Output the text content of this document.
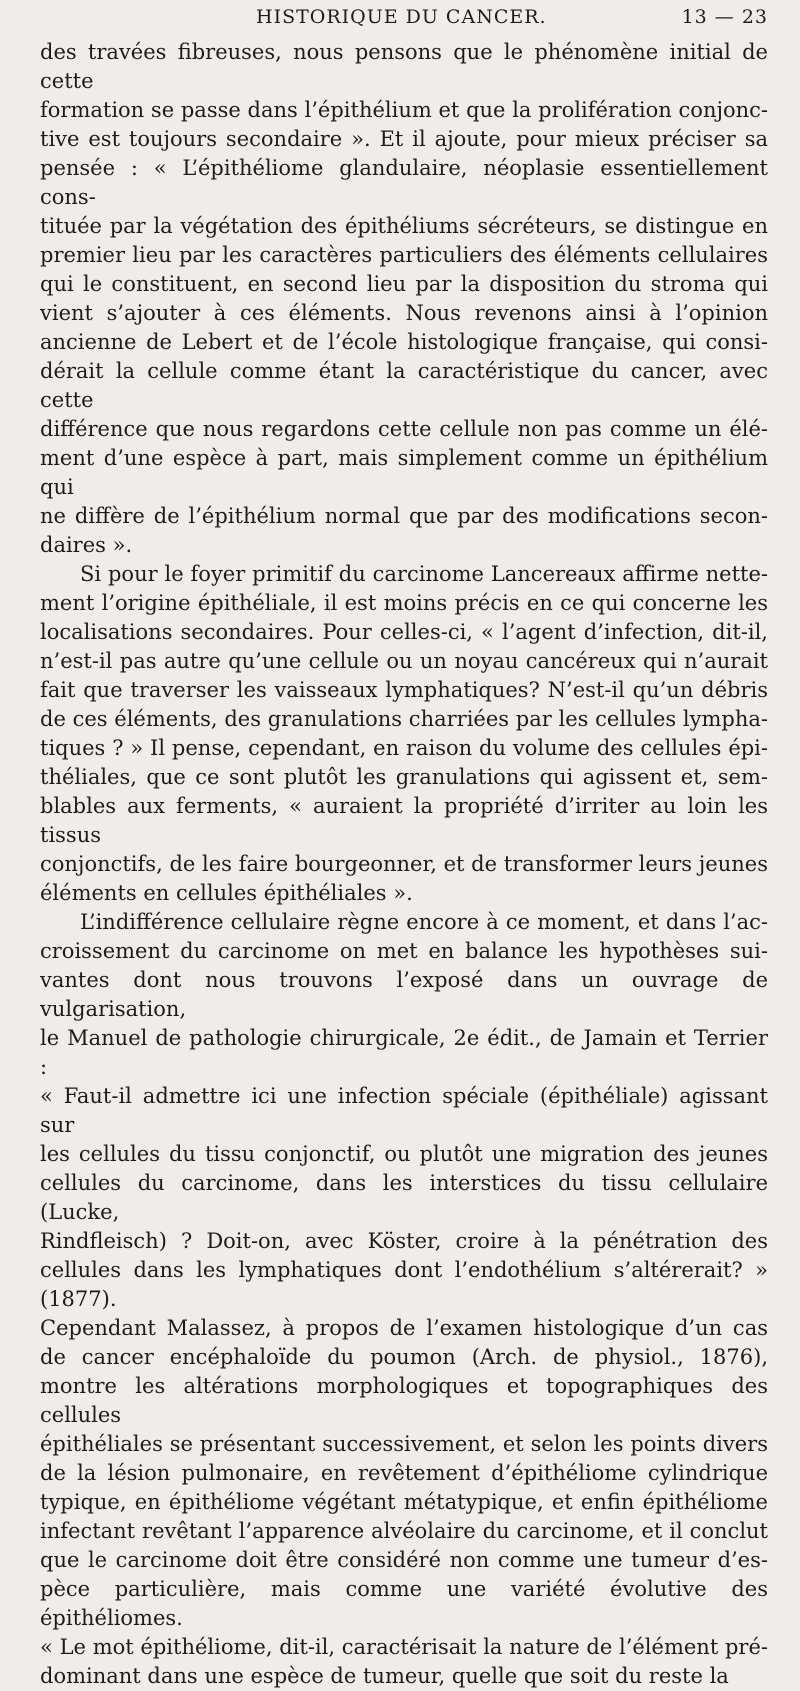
HISTORIQUE DU CANCER.	13 — 23
des travées fibreuses, nous pensons que le phénomène initial de cette
formation se passe dans l’épithélium et que la prolifération conjonc-
tive est toujours secondaire ». Et il ajoute, pour mieux préciser sa
pensée : « L’épithéliome glandulaire, néoplasie essentiellement cons-
tituée par la végétation des épithéliums sécréteurs, se distingue en
premier lieu par les caractères particuliers des éléments cellulaires
qui le constituent, en second lieu par la disposition du stroma qui
vient s’ajouter à ces éléments. Nous revenons ainsi à l’opinion
ancienne de Lebert et de l’école histologique française, qui consi-
dérait la cellule comme étant la caractéristique du cancer, avec cette
différence que nous regardons cette cellule non pas comme un élé-
ment d’une espèce à part, mais simplement comme un épithélium qui
ne diffère de l’épithélium normal que par des modifications secon-
daires ».
Si pour le foyer primitif du carcinome Lancereaux affirme nette-
ment l’origine épithéliale, il est moins précis en ce qui concerne les
localisations secondaires. Pour celles-ci, « l’agent d’infection, dit-il,
n’est-il pas autre qu’une cellule ou un noyau cancéreux qui n’aurait
fait que traverser les vaisseaux lymphatiques? N’est-il qu’un débris
de ces éléments, des granulations charriées par les cellules lympha-
tiques ? » Il pense, cependant, en raison du volume des cellules épi-
théliales, que ce sont plutôt les granulations qui agissent et, sem-
blables aux ferments, « auraient la propriété d’irriter au loin les tissus
conjonctifs, de les faire bourgeonner, et de transformer leurs jeunes
éléments en cellules épithéliales ».
L’indifférence cellulaire règne encore à ce moment, et dans l’ac-
croissement du carcinome on met en balance les hypothèses sui-
vantes dont nous trouvons l’exposé dans un ouvrage de vulgarisation,
le Manuel de pathologie chirurgicale, 2e édit., de Jamain et Terrier :
« Faut-il admettre ici une infection spéciale (épithéliale) agissant sur
les cellules du tissu conjonctif, ou plutôt une migration des jeunes
cellules du carcinome, dans les interstices du tissu cellulaire (Lucke,
Rindfleisch) ? Doit-on, avec Köster, croire à la pénétration des
cellules dans les lymphatiques dont l’endothélium s’altérerait? » (1877).
Cependant Malassez, à propos de l’examen histologique d’un cas
de cancer encéphaloïde du poumon (Arch. de physiol., 1876),
montre les altérations morphologiques et topographiques des cellules
épithéliales se présentant successivement, et selon les points divers
de la lésion pulmonaire, en revêtement d’épithéliome cylindrique
typique, en épithéliome végétant métatypique, et enfin épithéliome
infectant revêtant l’apparence alvéolaire du carcinome, et il conclut
que le carcinome doit être considéré non comme une tumeur d’es-
pèce particulière, mais comme une variété évolutive des épithéliomes.
« Le mot épithéliome, dit-il, caractérisait la nature de l’élément pré-
dominant dans une espèce de tumeur, quelle que soit du reste la
